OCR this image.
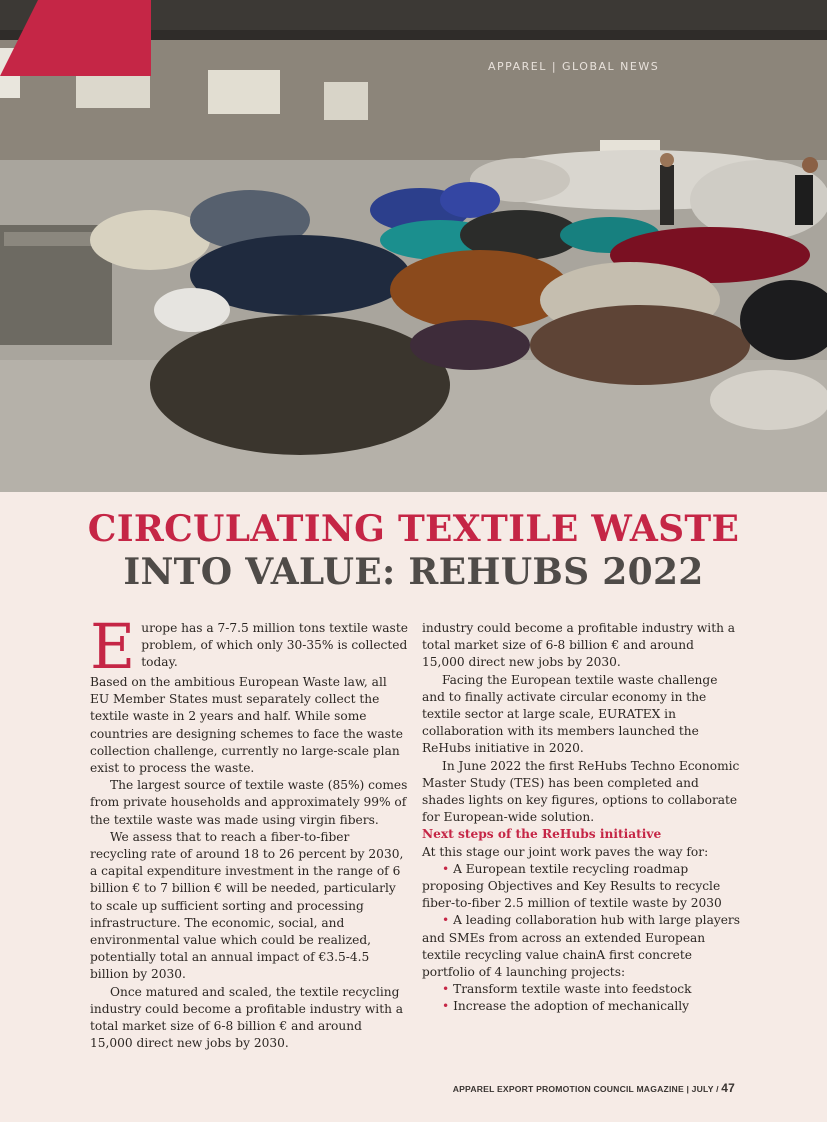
APPAREL | GLOBAL NEWS
CIRCULATING TEXTILE WASTE
INTO VALUE: REHUBS 2022
E urope has a 7-7.5 million tons textile waste problem, of which only 30-35% is collected today.

Based on the ambitious European Waste law, all EU Member States must separately collect the textile waste in 2 years and half. While some countries are designing schemes to face the waste collection challenge, currently no large-scale plan exist to process the waste.

The largest source of textile waste (85%) comes from private households and approximately 99% of the textile waste was made using virgin fibers.

We assess that to reach a fiber-to-fiber recycling rate of around 18 to 26 percent by 2030, a capital expenditure investment in the range of 6 billion € to 7 billion € will be needed, particularly to scale up sufficient sorting and processing infrastructure. The economic, social, and environmental value which could be realized, potentially total an annual impact of €3.5-4.5 billion by 2030.

Once matured and scaled, the textile recycling industry could become a profitable industry with a total market size of 6-8 billion € and around 15,000 direct new jobs by 2030.

industry could become a profitable industry with a total market size of 6-8 billion € and around 15,000 direct new jobs by 2030.

Facing the European textile waste challenge and to finally activate circular economy in the textile sector at large scale, EURATEX in collaboration with its members launched the ReHubs initiative in 2020.

In June 2022 the first ReHubs Techno Economic Master Study (TES) has been completed and shades lights on key figures, options to collaborate for European-wide solution.

Next steps of the ReHubs initiative

At this stage our joint work paves the way for:

• A European textile recycling roadmap proposing Objectives and Key Results to recycle fiber-to-fiber 2.5 million of textile waste by 2030

• A leading collaboration hub with large players and SMEs from across an extended European textile recycling value chainA first concrete portfolio of 4 launching projects:

• Transform textile waste into feedstock

• Increase the adoption of mechanically

APPAREL EXPORT PROMOTION COUNCIL MAGAZINE | JULY / 47
